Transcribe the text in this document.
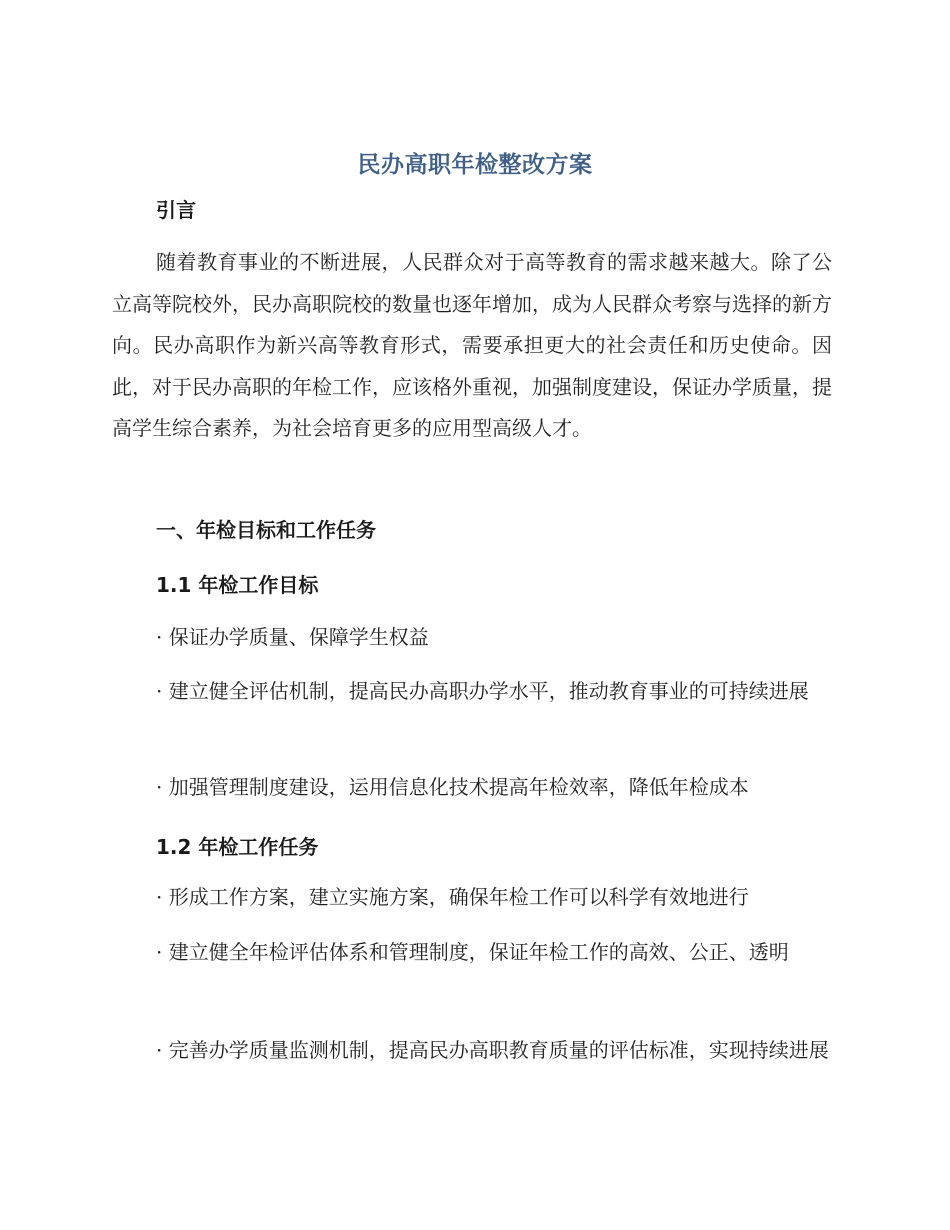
民办高职年检整改方案
引言
随着教育事业的不断进展，人民群众对于高等教育的需求越来越大。除了公立高等院校外，民办高职院校的数量也逐年增加，成为人民群众考察与选择的新方向。民办高职作为新兴高等教育形式，需要承担更大的社会责任和历史使命。因此，对于民办高职的年检工作，应该格外重视，加强制度建设，保证办学质量，提高学生综合素养，为社会培育更多的应用型高级人才。
一、年检目标和工作任务
1.1 年检工作目标
· 保证办学质量、保障学生权益
· 建立健全评估机制，提高民办高职办学水平，推动教育事业的可持续进展
· 加强管理制度建设，运用信息化技术提高年检效率，降低年检成本
1.2 年检工作任务
· 形成工作方案，建立实施方案，确保年检工作可以科学有效地进行
· 建立健全年检评估体系和管理制度，保证年检工作的高效、公正、透明
· 完善办学质量监测机制，提高民办高职教育质量的评估标准，实现持续进展
